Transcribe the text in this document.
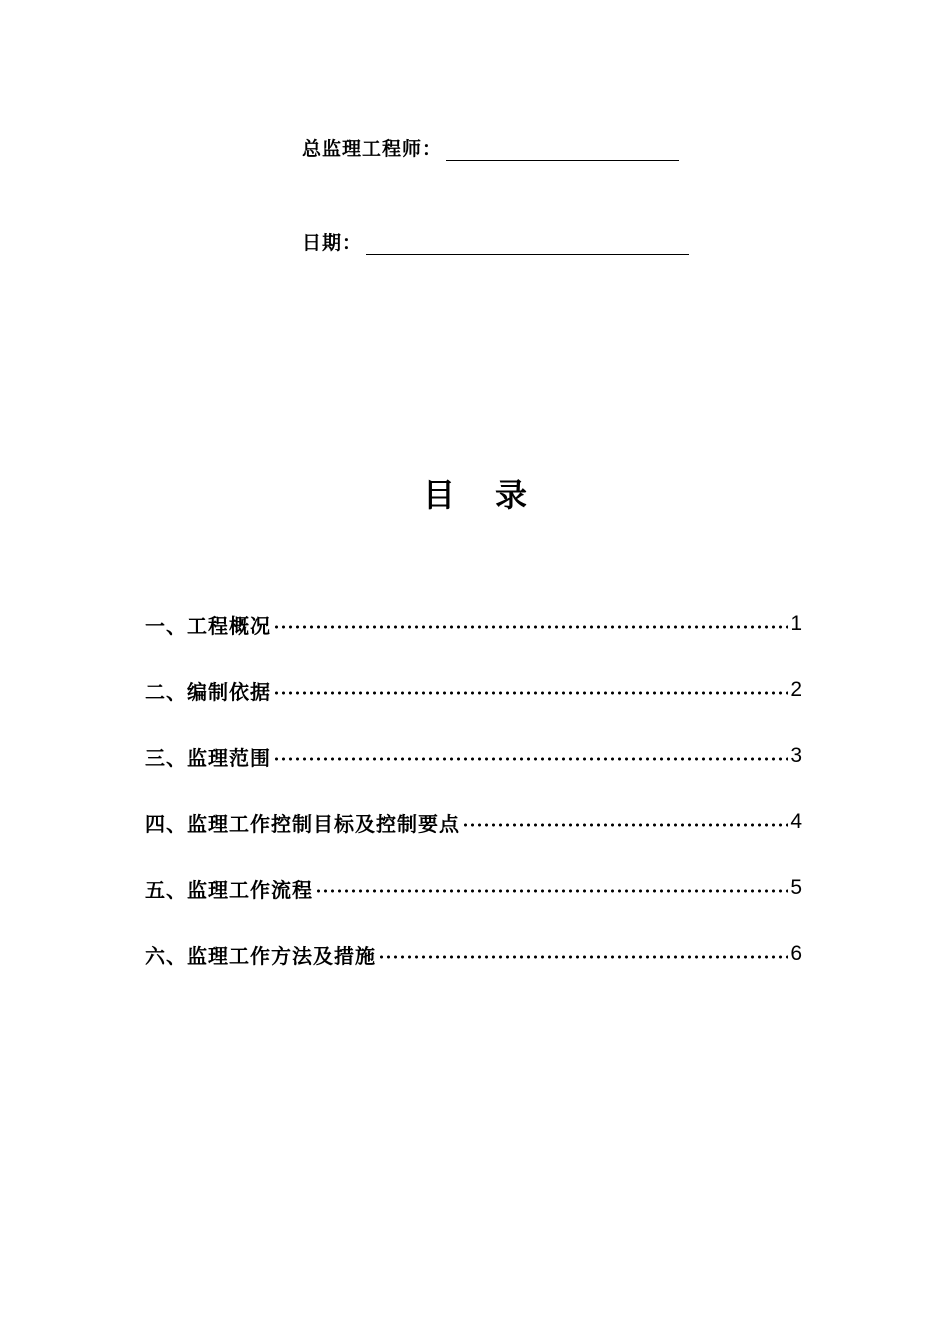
总监理工程师：
日期：
目 录
一、工程概况	1
二、编制依据	2
三、监理范围	3
四、监理工作控制目标及控制要点	4
五、监理工作流程	5
六、监理工作方法及措施	6
